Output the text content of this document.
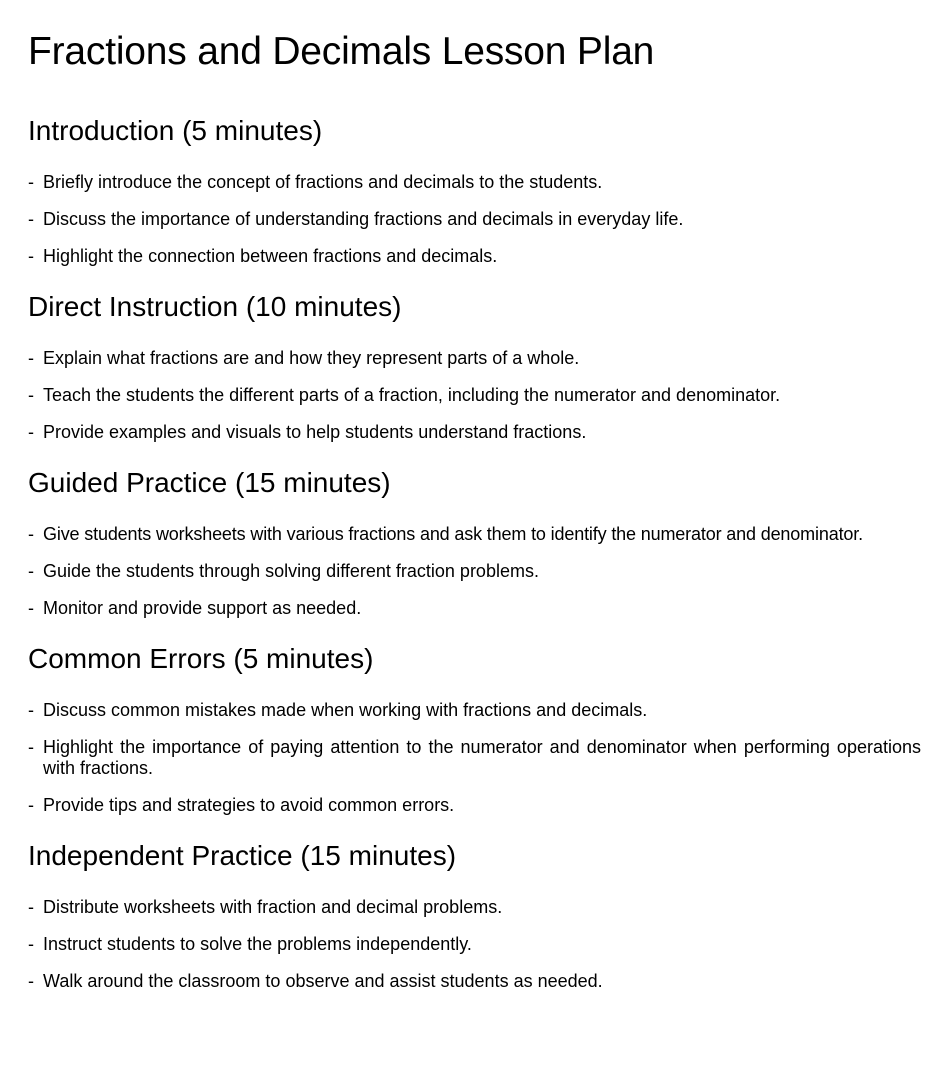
Fractions and Decimals Lesson Plan
Introduction (5 minutes)
- Briefly introduce the concept of fractions and decimals to the students.
- Discuss the importance of understanding fractions and decimals in everyday life.
- Highlight the connection between fractions and decimals.
Direct Instruction (10 minutes)
- Explain what fractions are and how they represent parts of a whole.
- Teach the students the different parts of a fraction, including the numerator and denominator.
- Provide examples and visuals to help students understand fractions.
Guided Practice (15 minutes)
- Give students worksheets with various fractions and ask them to identify the numerator and denominator.
- Guide the students through solving different fraction problems.
- Monitor and provide support as needed.
Common Errors (5 minutes)
- Discuss common mistakes made when working with fractions and decimals.
- Highlight the importance of paying attention to the numerator and denominator when performing operations with fractions.
- Provide tips and strategies to avoid common errors.
Independent Practice (15 minutes)
- Distribute worksheets with fraction and decimal problems.
- Instruct students to solve the problems independently.
- Walk around the classroom to observe and assist students as needed.
